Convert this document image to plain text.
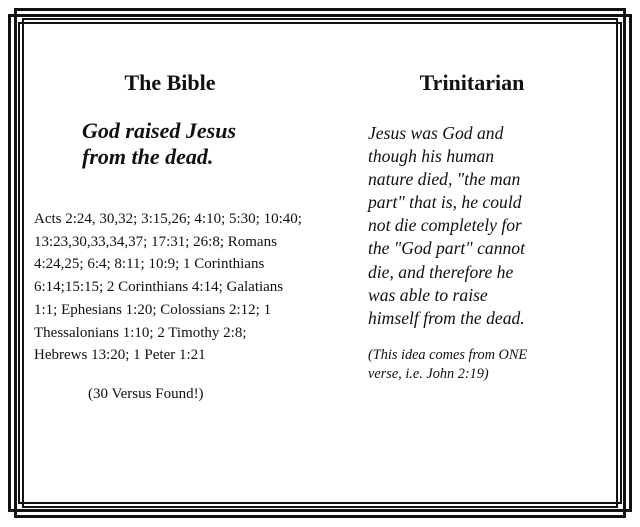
The Bible
God raised Jesus
from the dead.

Acts 2:24, 30,32; 3:15,26; 4:10; 5:30; 10:40;
13:23,30,33,34,37; 17:31; 26:8; Romans
4:24,25; 6:4; 8:11; 10:9; 1 Corinthians
6:14;15:15; 2 Corinthians 4:14; Galatians
1:1; Ephesians 1:20; Colossians 2:12; 1
Thessalonians 1:10; 2 Timothy 2:8;
Hebrews 13:20; 1 Peter 1:21

(30 Versus Found!)
Trinitarian

Jesus was God and
though his human
nature died, "the man
part" that is, he could
not die completely for
the "God part" cannot
die, and therefore he
was able to raise
himself from the dead.

(This idea comes from ONE
verse, i.e. John 2:19)
